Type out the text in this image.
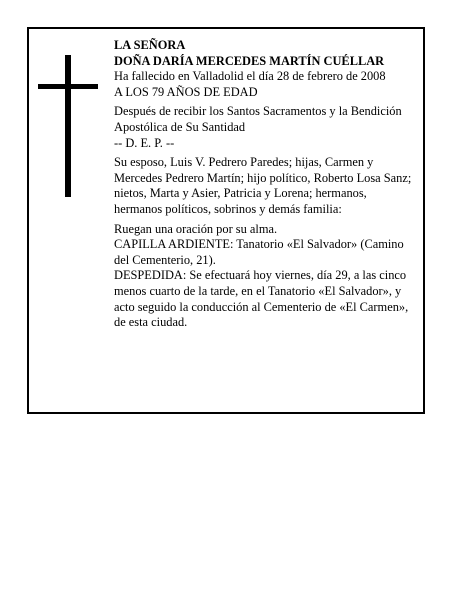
LA SEÑORA
DOÑA DARÍA MERCEDES MARTÍN CUÉLLAR
Ha fallecido en Valladolid el día 28 de febrero de 2008
A LOS 79 AÑOS DE EDAD
Después de recibir los Santos Sacramentos y la Bendición Apostólica de Su Santidad
-- D. E. P. --
Su esposo, Luis V. Pedrero Paredes; hijas, Carmen y Mercedes Pedrero Martín; hijo político, Roberto Losa Sanz; nietos, Marta y Asier, Patricia y Lorena; hermanos, hermanos políticos, sobrinos y demás familia:
Ruegan una oración por su alma.
CAPILLA ARDIENTE: Tanatorio «El Salvador» (Camino del Cementerio, 21).
DESPEDIDA: Se efectuará hoy viernes, día 29, a las cinco menos cuarto de la tarde, en el Tanatorio «El Salvador», y acto seguido la conducción al Cementerio de «El Carmen», de esta ciudad.
